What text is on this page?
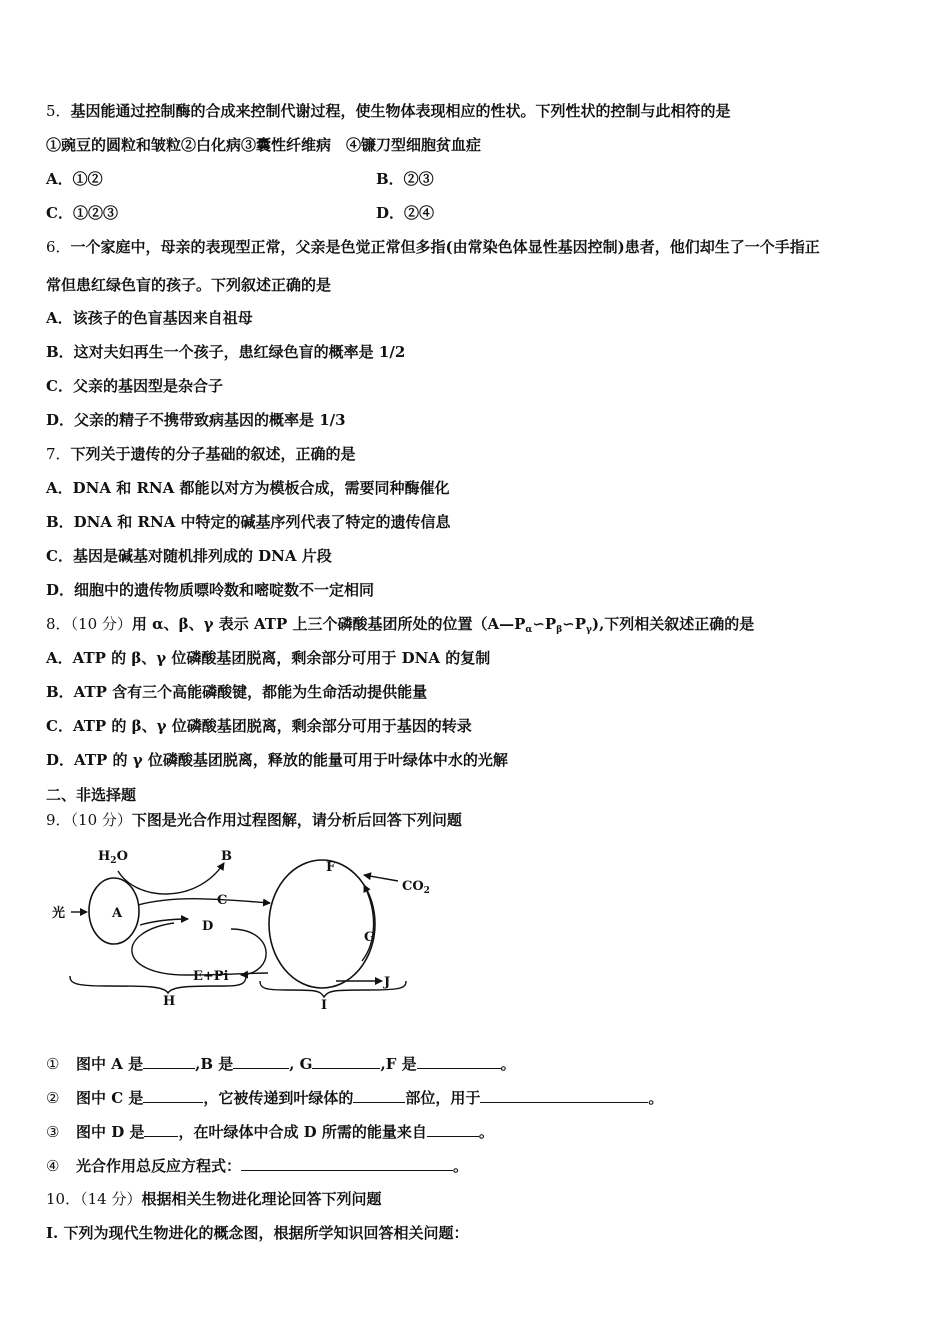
5．基因能通过控制酶的合成来控制代谢过程，使生物体表现相应的性状。下列性状的控制与此相符的是
①豌豆的圆粒和皱粒②白化病③囊性纤维病　④镰刀型细胞贫血症
A．①②	B．②③
C．①②③	D．②④
6．一个家庭中，母亲的表现型正常，父亲是色觉正常但多指(由常染色体显性基因控制)患者，他们却生了一个手指正
常但患红绿色盲的孩子。下列叙述正确的是
A．该孩子的色盲基因来自祖母
B．这对夫妇再生一个孩子，患红绿色盲的概率是 1/2
C．父亲的基因型是杂合子
D．父亲的精子不携带致病基因的概率是 1/3
7．下列关于遗传的分子基础的叙述，正确的是
A．DNA 和 RNA 都能以对方为模板合成，需要同种酶催化
B．DNA 和 RNA 中特定的碱基序列代表了特定的遗传信息
C．基因是碱基对随机排列成的 DNA 片段
D．细胞中的遗传物质嘌呤数和嘧啶数不一定相同
8．（10 分）用 α、β、γ 表示 ATP 上三个磷酸基团所处的位置$(A—P_\alpha∽P_\beta∽P_\gamma)$,下列相关叙述正确的是
A．ATP 的 β、γ 位磷酸基团脱离，剩余部分可用于 DNA 的复制
B．ATP 含有三个高能磷酸键，都能为生命活动提供能量
C．ATP 的 β、γ 位磷酸基团脱离，剩余部分可用于基因的转录
D．ATP 的 γ 位磷酸基团脱离，释放的能量可用于叶绿体中水的光解
二、非选择题
9．（10 分）下图是光合作用过程图解，请分析后回答下列问题
$H_2O$	B
光	A
C
D
E+Pi
H
F
$CO_2$
G
J
I
① 图中 A 是	,B 是	, G	,F 是	。
② 图中 C 是	，它被传递到叶绿体的	部位，用于	。
③ 图中 D 是 ，在叶绿体中合成 D 所需的能量来自	。
④ 光合作用总反应方程式：	。
10．（14 分）根据相关生物进化理论回答下列问题
I. 下列为现代生物进化的概念图，根据所学知识回答相关问题：
